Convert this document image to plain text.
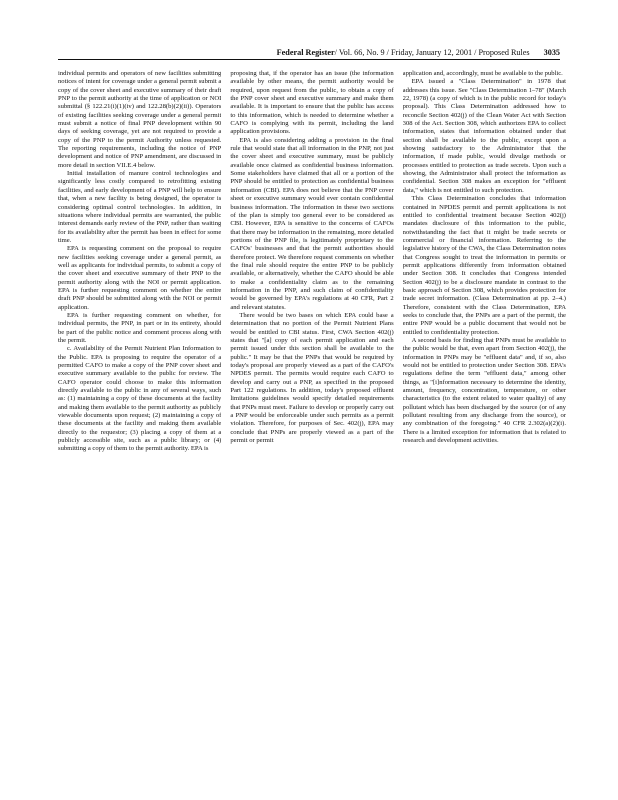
Federal Register/ Vol. 66, No. 9 / Friday, January 12, 2001 / Proposed Rules 3035

individual permits and operators of new facilities submitting notices of intent for coverage under a general permit submit a copy of the cover sheet and executive summary of their draft PNP to the permit authority at the time of application or NOI submittal (§ 122.21(i)(1)(iv) and 122.28(b)(2)(ii)). Operators of existing facilities seeking coverage under a general permit must submit a notice of final PNP development within 90 days of seeking coverage, yet are not required to provide a copy of the PNP to the permit Authority unless requested. The reporting requirements, including the notice of PNP development and notice of PNP amendment, are discussed in more detail in section VII.E.4 below.

Initial installation of manure control technologies and significantly less costly compared to retrofitting existing facilities, and early development of a PNP will help to ensure that, when a new facility is being designed, the operator is considering optimal control technologies. In addition, in situations where individual permits are warranted, the public interest demands early review of the PNP, rather than waiting for its availability after the permit has been in effect for some time.

EPA is requesting comment on the proposal to require new facilities seeking coverage under a general permit, as well as applicants for individual permits, to submit a copy of the cover sheet and executive summary of their PNP to the permit authority along with the NOI or permit application. EPA is further requesting comment on whether the entire draft PNP should be submitted along with the NOI or permit application.

EPA is further requesting comment on whether, for individual permits, the PNP, in part or in its entirety, should be part of the public notice and comment process along with the permit.

c. Availability of the Permit Nutrient Plan Information to the Public. EPA is proposing to require the operator of a permitted CAFO to make a copy of the PNP cover sheet and executive summary available to the public for review. The CAFO operator could choose to make this information directly available to the public in any of several ways, such as: (1) maintaining a copy of these documents at the facility and making them available to the permit authority as publicly viewable documents upon request; (2) maintaining a copy of these documents at the facility and making them available directly to the requestor; (3) placing a copy of them at a publicly accessible site, such as a public library; or (4) submitting a copy of them to the permit authority. EPA is

proposing that, if the operator has an issue (the information available by other means, the permit authority would be required, upon request from the public, to obtain a copy of the PNP cover sheet and executive summary and make them available. It is important to ensure that the public has access to this information, which is needed to determine whether a CAFO is complying with its permit, including the land application provisions.

EPA is also considering adding a provision in the final rule that would state that all information in the PNP, not just the cover sheet and executive summary, must be publicly available once claimed as confidential business information. Some stakeholders have claimed that all or a portion of the PNP should be entitled to protection as confidential business information (CBI). EPA does not believe that the PNP cover sheet or executive summary would ever contain confidential business information. The information in these two sections of the plan is simply too general ever to be considered as CBI. However, EPA is sensitive to the concerns of CAFOs that there may be information in the remaining, more detailed portions of the PNP file, is legitimately proprietary to the CAFOs' businesses and that the permit authorities should therefore protect. We therefore request comments on whether the final rule should require the entire PNP to be publicly available, or alternatively, whether the CAFO should be able to make a confidentiality claim as to the remaining information in the PNP, and such claim of confidentiality would be governed by EPA's regulations at 40 CFR, Part 2 and relevant statutes.

There would be two bases on which EPA could base a determination that no portion of the Permit Nutrient Plans would be entitled to CBI status. First, CWA Section 402(j) states that "[a] copy of each permit application and each permit issued under this section shall be available to the public." It may be that the PNPs that would be required by today's proposal are properly viewed as a part of the CAFO's NPDES permit. The permits would require each CAFO to develop and carry out a PNP, as specified in the proposed Part 122 regulations. In addition, today's proposed effluent limitations guidelines would specify detailed requirements that PNPs must meet. Failure to develop or properly carry out a PNP would be enforceable under such permits as a permit violation. Therefore, for purposes of Sec. 402(j), EPA may conclude that PNPs are properly viewed as a part of the permit or permit

application and, accordingly, must be available to the public.

EPA issued a "Class Determination" in 1978 that addresses this issue. See "Class Determination 1–78" (March 22, 1978) (a copy of which is in the public record for today's proposal). This Class Determination addressed how to reconcile Section 402(j) of the Clean Water Act with Section 308 of the Act. Section 308, which authorizes EPA to collect information, states that information obtained under that section shall be available to the public, except upon a showing satisfactory to the Administrator that the information, if made public, would divulge methods or processes entitled to protection as trade secrets. Upon such a showing, the Administrator shall protect the information as confidential. Section 308 makes an exception for "effluent data," which is not entitled to such protection.

This Class Determination concludes that information contained in NPDES permit and permit applications is not entitled to confidential treatment because Section 402(j) mandates disclosure of this information to the public, notwithstanding the fact that it might be trade secrets or commercial or financial information. Referring to the legislative history of the CWA, the Class Determination notes that Congress sought to treat the information in permits or permit applications differently from information obtained under Section 308. It concludes that Congress intended Section 402(j) to be a disclosure mandate in contrast to the basic approach of Section 308, which provides protection for trade secret information. (Class Determination at pp. 2–4.) Therefore, consistent with the Class Determination, EPA seeks to conclude that, the PNPs are a part of the permit, the entire PNP would be a public document that would not be entitled to confidentiality protection.

A second basis for finding that PNPs must be available to the public would be that, even apart from Section 402(j), the information in PNPs may be "effluent data" and, if so, also would not be entitled to protection under Section 308. EPA's regulations define the term "effluent data," among other things, as "[i]nformation necessary to determine the identity, amount, frequency, concentration, temperature, or other characteristics (to the extent related to water quality) of any pollutant which has been discharged by the source (or of any pollutant resulting from any discharge from the source), or any combination of the foregoing." 40 CFR 2.302(a)(2)(i). There is a limited exception for information that is related to research and development activities.
